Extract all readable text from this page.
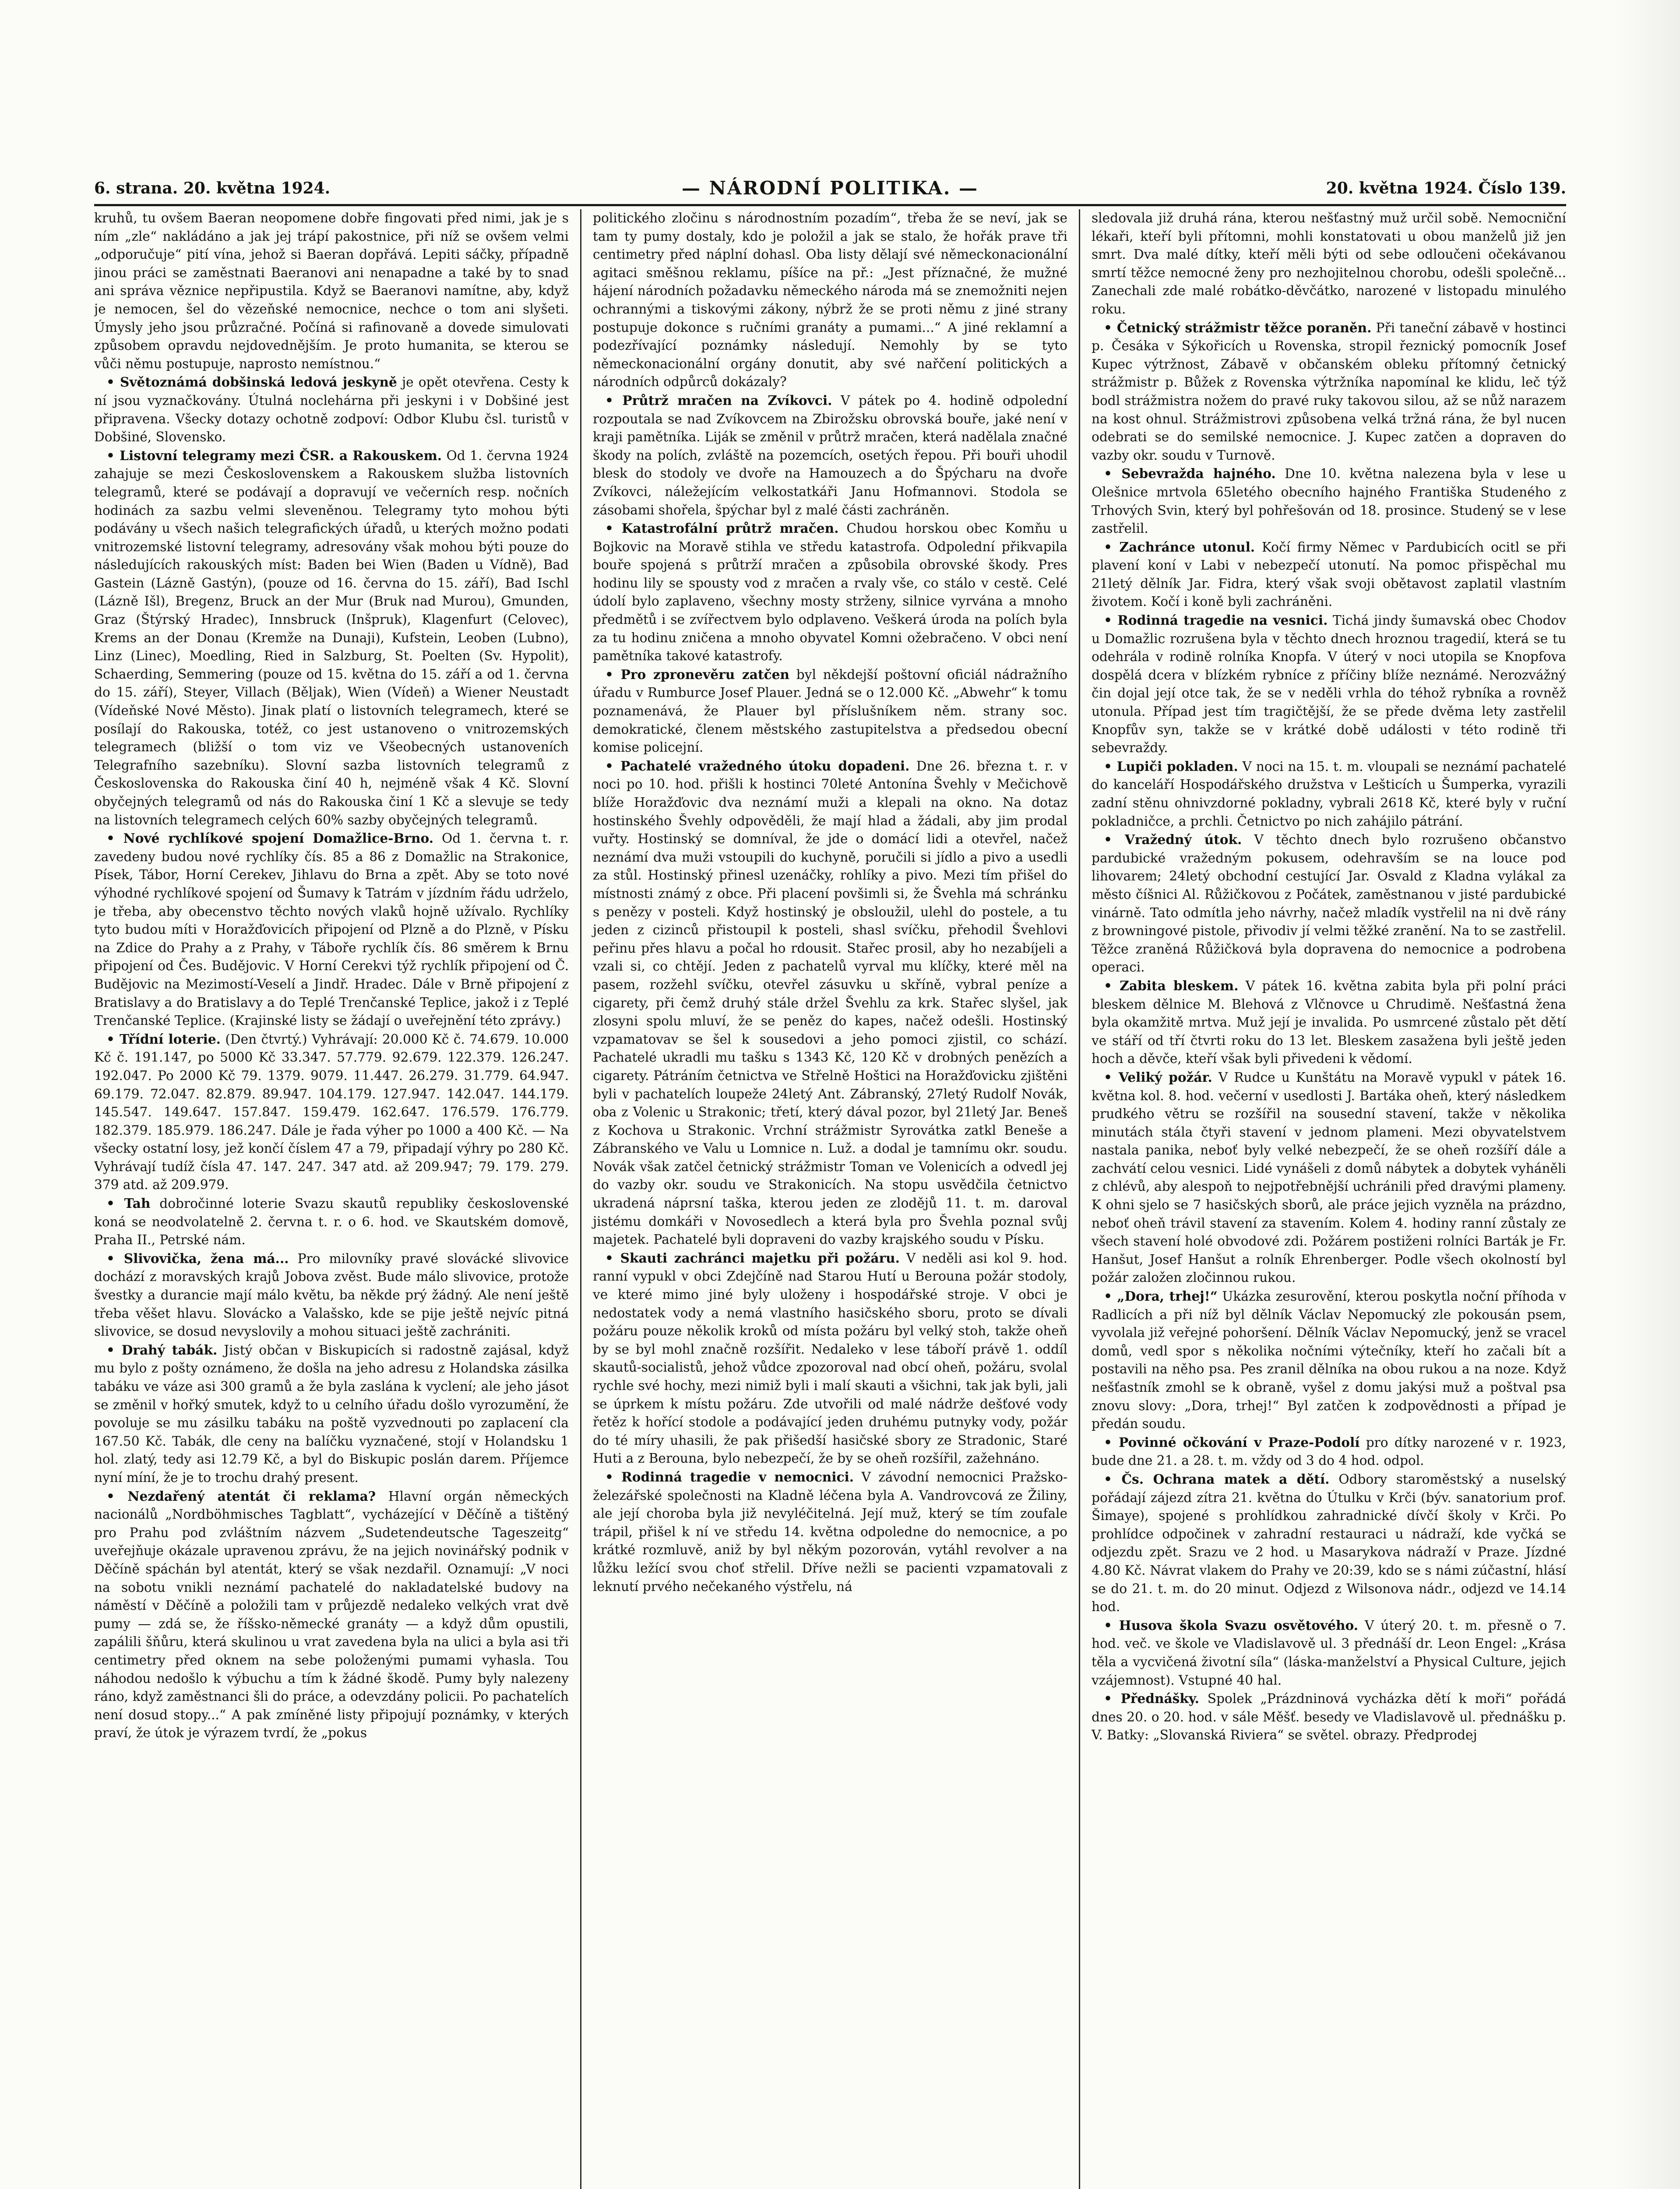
6. strana. 20. května 1924.	— NÁRODNÍ POLITIKA. —	20. května 1924. Číslo 139.

kruhů, tu ovšem Baeran neopomene dobře fingovati před nimi, jak je s ním „zle“ nakládáno a jak jej trápí pakostnice, při níž se ovšem velmi „odporučuje“ pití vína, jehož si Baeran dopřává. Lepiti sáčky, případně jinou práci se zaměstnati Baeranovi ani nenapadne a také by to snad ani správa věznice nepřipustila. Když se Baeranovi namítne, aby, když je nemocen, šel do vězeňské nemocnice, nechce o tom ani slyšeti. Úmysly jeho jsou průzračné. Počíná si rafinovaně a dovede simulovati způsobem opravdu nejdovednějším. Je proto humanita, se kterou se vůči němu postupuje, naprosto nemístnou.“

• Světoznámá dobšinská ledová jeskyně je opět otevřena. Cesty k ní jsou vyznačkovány. Útulná noclehárna při jeskyni i v Dobšiné jest připravena. Všecky dotazy ochotně zodpoví: Odbor Klubu čsl. turistů v Dobšiné, Slovensko.

• Listovní telegramy mezi ČSR. a Rakouskem. Od 1. června 1924 zahajuje se mezi Československem a Rakouskem služba listovních telegramů, které se podávají a dopravují ve večerních resp. nočních hodinách za sazbu velmi sleveněnou. Telegramy tyto mohou býti podávány u všech našich telegrafických úřadů, u kterých možno podati vnitrozemské listovní telegramy, adresovány však mohou býti pouze do následujících rakouských míst: Baden bei Wien (Baden u Vídně), Bad Gastein (Lázně Gastýn), (pouze od 16. června do 15. září), Bad Ischl (Lázně Išl), Bregenz, Bruck an der Mur (Bruk nad Murou), Gmunden, Graz (Štýrský Hradec), Innsbruck (Inšpruk), Klagenfurt (Celovec), Krems an der Donau (Kremže na Dunaji), Kufstein, Leoben (Lubno), Linz (Linec), Moedling, Ried in Salzburg, St. Poelten (Sv. Hypolit), Schaerding, Semmering (pouze od 15. května do 15. září a od 1. června do 15. září), Steyer, Villach (Běljak), Wien (Vídeň) a Wiener Neustadt (Vídeňské Nové Město). Jinak platí o listovních telegramech, které se posílají do Rakouska, totéž, co jest ustanoveno o vnitrozemských telegramech (bližší o tom viz ve Všeobecných ustanoveních Telegrafního sazebníku). Slovní sazba listovních telegramů z Československa do Rakouska činí 40 h, nejméně však 4 Kč. Slovní obyčejných telegramů od nás do Rakouska činí 1 Kč a slevuje se tedy na listovních telegramech celých 60% sazby obyčejných telegramů.

• Nové rychlíkové spojení Domažlice-Brno. Od 1. června t. r. zavedeny budou nové rychlíky čís. 85 a 86 z Domažlic na Strakonice, Písek, Tábor, Horní Cerekev, Jihlavu do Brna a zpět. Aby se toto nové výhodné rychlíkové spojení od Šumavy k Tatrám v jízdním řádu udrželo, je třeba, aby obecenstvo těchto nových vlaků hojně užívalo. Rychlíky tyto budou míti v Horažďovicích připojení od Plzně a do Plzně, v Písku na Zdice do Prahy a z Prahy, v Táboře rychlík čís. 86 směrem k Brnu připojení od Čes. Budějovic. V Horní Cerekvi týž rychlík připojení od Č. Budějovic na Mezimostí-Veselí a Jindř. Hradec. Dále v Brně připojení z Bratislavy a do Bratislavy a do Teplé Trenčanské Teplice, jakož i z Teplé Trenčanské Teplice. (Krajinské listy se žádají o uveřejnění této zprávy.)

• Třídní loterie. (Den čtvrtý.) Vyhrávají: 20.000 Kč č. 74.679. 10.000 Kč č. 191.147, po 5000 Kč 33.347. 57.779. 92.679. 122.379. 126.247. 192.047. Po 2000 Kč 79. 1379. 9079. 11.447. 26.279. 31.779. 64.947. 69.179. 72.047. 82.879. 89.947. 104.179. 127.947. 142.047. 144.179. 145.547. 149.647. 157.847. 159.479. 162.647. 176.579. 176.779. 182.379. 185.979. 186.247. Dále je řada výher po 1000 a 400 Kč. — Na všecky ostatní losy, jež končí číslem 47 a 79, připadají výhry po 280 Kč. Vyhrávají tudíž čísla 47. 147. 247. 347 atd. až 209.947; 79. 179. 279. 379 atd. až 209.979.

• Tah dobročinné loterie Svazu skautů republiky československé koná se neodvolatelně 2. června t. r. o 6. hod. ve Skautském domově, Praha II., Petrské nám.

• Slivovička, žena má... Pro milovníky pravé slovácké slivovice dochází z moravských krajů Jobova zvěst. Bude málo slivovice, protože švestky a durancie mají málo květu, ba někde prý žádný. Ale není ještě třeba věšet hlavu. Slovácko a Valašsko, kde se pije ještě nejvíc pitná slivovice, se dosud nevyslovily a mohou situaci ještě zachrániti.

• Drahý tabák. Jistý občan v Biskupicích si radostně zajásal, když mu bylo z pošty oznámeno, že došla na jeho adresu z Holandska zásilka tabáku ve váze asi 300 gramů a že byla zaslána k vyclení; ale jeho jásot se změnil v hořký smutek, když to u celního úřadu došlo vyrozumění, že povoluje se mu zásilku tabáku na poště vyzvednouti po zaplacení cla 167.50 Kč. Tabák, dle ceny na balíčku vyznačené, stojí v Holandsku 1 hol. zlatý, tedy asi 12.79 Kč, a byl do Biskupic poslán darem. Příjemce nyní míní, že je to trochu drahý present.

• Nezdařený atentát či reklama? Hlavní orgán německých nacionálů „Nordböhmisches Tagblatt“, vycházející v Děčíně a tištěný pro Prahu pod zvláštním názvem „Sudetendeutsche Tageszeitg“ uveřejňuje okázale upravenou zprávu, že na jejich novinářský podnik v Děčíně spáchán byl atentát, který se však nezdařil. Oznamují: „V noci na sobotu vnikli neznámí pachatelé do nakladatelské budovy na náměstí v Děčíně a položili tam v průjezdě nedaleko velkých vrat dvě pumy — zdá se, že říšsko-německé granáty — a když dům opustili, zapálili šňůru, která skulinou u vrat zavedena byla na ulici a byla asi tři centimetry před oknem na sebe položenými pumami vyhasla. Tou náhodou nedošlo k výbuchu a tím k žádné škodě. Pumy byly nalezeny ráno, když zaměstnanci šli do práce, a odevzdány policii. Po pachatelích není dosud stopy...“ A pak zmíněné listy připojují poznámky, v kterých praví, že útok je výrazem tvrdí, že „pokus

politického zločinu s národnostním pozadím“, třeba že se neví, jak se tam ty pumy dostaly, kdo je položil a jak se stalo, že hořák prave tři centimetry před náplní dohasl. Oba listy dělají své německonacionální agitaci směšnou reklamu, píšíce na př.: „Jest příznačné, že mužné hájení národních požadavku německého národa má se znemožniti nejen ochrannými a tiskovými zákony, nýbrž že se proti němu z jiné strany postupuje dokonce s ručními granáty a pumami...“ A jiné reklamní a podezřívající poznámky následují. Nemohly by se tyto německonacionální orgány donutit, aby své nařčení politických a národních odpůrců dokázaly?

• Průtrž mračen na Zvíkovci. V pátek po 4. hodině odpolední rozpoutala se nad Zvíkovcem na Zbirožsku obrovská bouře, jaké není v kraji pamětníka. Liják se změnil v průtrž mračen, která nadělala značné škody na polích, zvláště na pozemcích, osetých řepou. Při bouři uhodil blesk do stodoly ve dvoře na Hamouzech a do Špýcharu na dvoře Zvíkovci, náležejícím velkostatkáři Janu Hofmannovi. Stodola se zásobami shořela, špýchar byl z malé části zachráněn.

• Katastrofální průtrž mračen. Chudou horskou obec Komňu u Bojkovic na Moravě stihla ve středu katastrofa. Odpolední přikvapila bouře spojená s průtrží mračen a způsobila obrovské škody. Pres hodinu lily se spousty vod z mračen a rvaly vše, co stálo v cestě. Celé údolí bylo zaplaveno, všechny mosty strženy, silnice vyrvána a mnoho předmětů i se zvířectvem bylo odplaveno. Veškerá úroda na polích byla za tu hodinu zničena a mnoho obyvatel Komni ožebračeno. V obci není pamětníka takové katastrofy.

• Pro zpronevěru zatčen byl někdejší poštovní oficiál nádražního úřadu v Rumburce Josef Plauer. Jedná se o 12.000 Kč. „Abwehr“ k tomu poznamenává, že Plauer byl příslušníkem něm. strany soc. demokratické, členem městského zastupitelstva a předsedou obecní komise policejní.

• Pachatelé vražedného útoku dopadeni. Dne 26. března t. r. v noci po 10. hod. přišli k hostinci 70leté Antonína Švehly v Mečichově blíže Horažďovic dva neznámí muži a klepali na okno. Na dotaz hostinského Švehly odpověděli, že mají hlad a žádali, aby jim prodal vuřty. Hostinský se domníval, že jde o domácí lidi a otevřel, načež neznámí dva muži vstoupili do kuchyně, poručili si jídlo a pivo a usedli za stůl. Hostinský přinesl uzenáčky, rohlíky a pivo. Mezi tím přišel do místnosti známý z obce. Při placení povšimli si, že Švehla má schránku s penězy v posteli. Když hostinský je obsloužil, ulehl do postele, a tu jeden z cizinců přistoupil k posteli, shasl svíčku, přehodil Švehlovi peřinu přes hlavu a počal ho rdousit. Stařec prosil, aby ho nezabíjeli a vzali si, co chtějí. Jeden z pachatelů vyrval mu klíčky, které měl na pasem, rozžehl svíčku, otevřel zásuvku u skříně, vybral peníze a cigarety, při čemž druhý stále držel Švehlu za krk. Stařec slyšel, jak zlosyni spolu mluví, že se peněz do kapes, načež odešli. Hostinský vzpamatovav se šel k sousedovi a jeho pomoci zjistil, co schází. Pachatelé ukradli mu tašku s 1343 Kč, 120 Kč v drobných penězích a cigarety. Pátráním četnictva ve Střelně Hoštici na Horažďovicku zjištěni byli v pachatelích loupeže 24letý Ant. Zábranský, 27letý Rudolf Novák, oba z Volenic u Strakonic; třetí, který dával pozor, byl 21letý Jar. Beneš z Kochova u Strakonic. Vrchní strážmistr Syrovátka zatkl Beneše a Zábranského ve Valu u Lomnice n. Luž. a dodal je tamnímu okr. soudu. Novák však zatčel četnický strážmistr Toman ve Volenicích a odvedl jej do vazby okr. soudu ve Strakonicích. Na stopu usvědčila četnictvo ukradená náprsní taška, kterou jeden ze zlodějů 11. t. m. daroval jistému domkáři v Novosedlech a která byla pro Švehla poznal svůj majetek. Pachatelé byli dopraveni do vazby krajského soudu v Písku.

• Skauti zachránci majetku při požáru. V neděli asi kol 9. hod. ranní vypukl v obci Zdejčíně nad Starou Hutí u Berouna požár stodoly, ve které mimo jiné byly uloženy i hospodářské stroje. V obci je nedostatek vody a nemá vlastního hasičského sboru, proto se dívali požáru pouze několik kroků od místa požáru byl velký stoh, takže oheň by se byl mohl značně rozšířit. Nedaleko v lese táboří právě 1. oddíl skautů-socialistů, jehož vůdce zpozoroval nad obcí oheň, požáru, svolal rychle své hochy, mezi nimiž byli i malí skauti a všichni, tak jak byli, jali se úprkem k místu požáru. Zde utvořili od malé nádrže dešťové vody řetěz k hořící stodole a podávající jeden druhému putnyky vody, požár do té míry uhasili, že pak přišedší hasičské sbory ze Stradonic, Staré Huti a z Berouna, bylo nebezpečí, že by se oheň rozšířil, zažehnáno.

• Rodinná tragedie v nemocnici. V závodní nemocnici Pražsko-železářské společnosti na Kladně léčena byla A. Vandrovcová ze Žiliny, ale její choroba byla již nevyléčitelná. Její muž, který se tím zoufale trápil, přišel k ní ve středu 14. května odpoledne do nemocnice, a po krátké rozmluvě, aniž by byl někým pozorován, vytáhl revolver a na lůžku ležící svou choť střelil. Dříve nežli se pacienti vzpamatovali z leknutí prvého nečekaného výstřelu, ná

sledovala již druhá rána, kterou nešťastný muž určil sobě. Nemocniční lékaři, kteří byli přítomni, mohli konstatovati u obou manželů již jen smrt. Dva malé dítky, kteří měli býti od sebe odloučeni očekávanou smrtí těžce nemocné ženy pro nezhojitelnou chorobu, odešli společně... Zanechali zde malé robátko-děvčátko, narozené v listopadu minulého roku.

• Četnický strážmistr těžce poraněn. Při taneční zábavě v hostinci p. Česáka v Sýkořicích u Rovenska, stropil řeznický pomocník Josef Kupec výtržnost, Zábavě v občanském obleku přítomný četnický strážmistr p. Bůžek z Rovenska výtržníka napomínal ke klidu, leč týž bodl strážmistra nožem do pravé ruky takovou silou, až se nůž narazem na kost ohnul. Strážmistrovi způsobena velká tržná rána, že byl nucen odebrati se do semilské nemocnice. J. Kupec zatčen a dopraven do vazby okr. soudu v Turnově.

• Sebevražda hajného. Dne 10. května nalezena byla v lese u Olešnice mrtvola 65letého obecního hajného Františka Studeného z Trhových Svin, který byl pohřešován od 18. prosince. Studený se v lese zastřelil.

• Zachránce utonul. Kočí firmy Němec v Pardubicích ocitl se při plavení koní v Labi v nebezpečí utonutí. Na pomoc přispěchal mu 21letý dělník Jar. Fidra, který však svoji obětavost zaplatil vlastním životem. Kočí i koně byli zachráněni.

• Rodinná tragedie na vesnici. Tichá jindy šumavská obec Chodov u Domažlic rozrušena byla v těchto dnech hroznou tragedií, která se tu odehrála v rodině rolníka Knopfa. V úterý v noci utopila se Knopfova dospělá dcera v blízkém rybníce z příčiny blíže neznámé. Nerozvážný čin dojal její otce tak, že se v neděli vrhla do téhož rybníka a rovněž utonula. Případ jest tím tragičtější, že se přede dvěma lety zastřelil Knopfův syn, takže se v krátké době události v této rodině tři sebevraždy.

• Lupiči pokladen. V noci na 15. t. m. vloupali se neznámí pachatelé do kanceláří Hospodářského družstva v Lešticích u Šumperka, vyrazili zadní stěnu ohnivzdorné pokladny, vybrali 2618 Kč, které byly v ruční pokladničce, a prchli. Četnictvo po nich zahájilo pátrání.

• Vražedný útok. V těchto dnech bylo rozrušeno občanstvo pardubické vražedným pokusem, odehravším se na louce pod lihovarem; 24letý obchodní cestující Jar. Osvald z Kladna vylákal za město číšnici Al. Růžičkovou z Počátek, zaměstnanou v jisté pardubické vinárně. Tato odmítla jeho návrhy, načež mladík vystřelil na ni dvě rány z browningové pistole, přivodiv jí velmi těžké zranění. Na to se zastřelil. Těžce zraněná Růžičková byla dopravena do nemocnice a podrobena operaci.

• Zabita bleskem. V pátek 16. května zabita byla při polní práci bleskem dělnice M. Blehová z Vlčnovce u Chrudimě. Nešťastná žena byla okamžitě mrtva. Muž její je invalida. Po usmrcené zůstalo pět dětí ve stáří od tří čtvrti roku do 13 let. Bleskem zasažena byli ještě jeden hoch a děvče, kteří však byli přivedeni k vědomí.

• Veliký požár. V Rudce u Kunštátu na Moravě vypukl v pátek 16. května kol. 8. hod. večerní v usedlosti J. Bartáka oheň, který následkem prudkého větru se rozšířil na sousední stavení, takže v několika minutách stála čtyři stavení v jednom plameni. Mezi obyvatelstvem nastala panika, neboť byly velké nebezpečí, že se oheň rozšíří dále a zachvátí celou vesnici. Lidé vynášeli z domů nábytek a dobytek vyháněli z chlévů, aby alespoň to nejpotřebnější uchránili před dravými plameny. K ohni sjelo se 7 hasičských sborů, ale práce jejich vyzněla na prázdno, neboť oheň trávil stavení za stavením. Kolem 4. hodiny ranní zůstaly ze všech stavení holé obvodové zdi. Požárem postiženi rolníci Barták je Fr. Hanšut, Josef Hanšut a rolník Ehrenberger. Podle všech okolností byl požár založen zločinnou rukou.

• „Dora, trhej!“ Ukázka zesurovění, kterou poskytla noční příhoda v Radlicích a při níž byl dělník Václav Nepomucký zle pokousán psem, vyvolala již veřejné pohoršení. Dělník Václav Nepomucký, jenž se vracel domů, vedl spor s několika nočními výtečníky, kteří ho začali bít a postavili na něho psa. Pes zranil dělníka na obou rukou a na noze. Když nešťastník zmohl se k obraně, vyšel z domu jakýsi muž a poštval psa znovu slovy: „Dora, trhej!“ Byl zatčen k zodpovědnosti a případ je předán soudu.

• Povinné očkování v Praze-Podolí pro dítky narozené v r. 1923, bude dne 21. a 28. t. m. vždy od 3 do 4 hod. odpol.

• Čs. Ochrana matek a dětí. Odbory staroměstský a nuselský pořádají zájezd zítra 21. května do Útulku v Krči (býv. sanatorium prof. Šimaye), spojené s prohlídkou zahradnické dívčí školy v Krči. Po prohlídce odpočinek v zahradní restauraci u nádraží, kde vyčká se odjezdu zpět. Srazu ve 2 hod. u Masarykova nádraží v Praze. Jízdné 4.80 Kč. Návrat vlakem do Prahy ve 20:39, kdo se s námi zúčastní, hlásí se do 21. t. m. do 20 minut. Odjezd z Wilsonova nádr., odjezd ve 14.14 hod.

• Husova škola Svazu osvětového. V úterý 20. t. m. přesně o 7. hod. več. ve škole ve Vladislavově ul. 3 přednáší dr. Leon Engel: „Krása těla a vycvičená životní síla“ (láska-manželství a Physical Culture, jejich vzájemnost). Vstupné 40 hal.

• Přednášky. Spolek „Prázdninová vycházka dětí k moři“ pořádá dnes 20. o 20. hod. v sále Měšť. besedy ve Vladislavově ul. přednášku p. V. Batky: „Slovanská Riviera“ se světel. obrazy. Předprodej
